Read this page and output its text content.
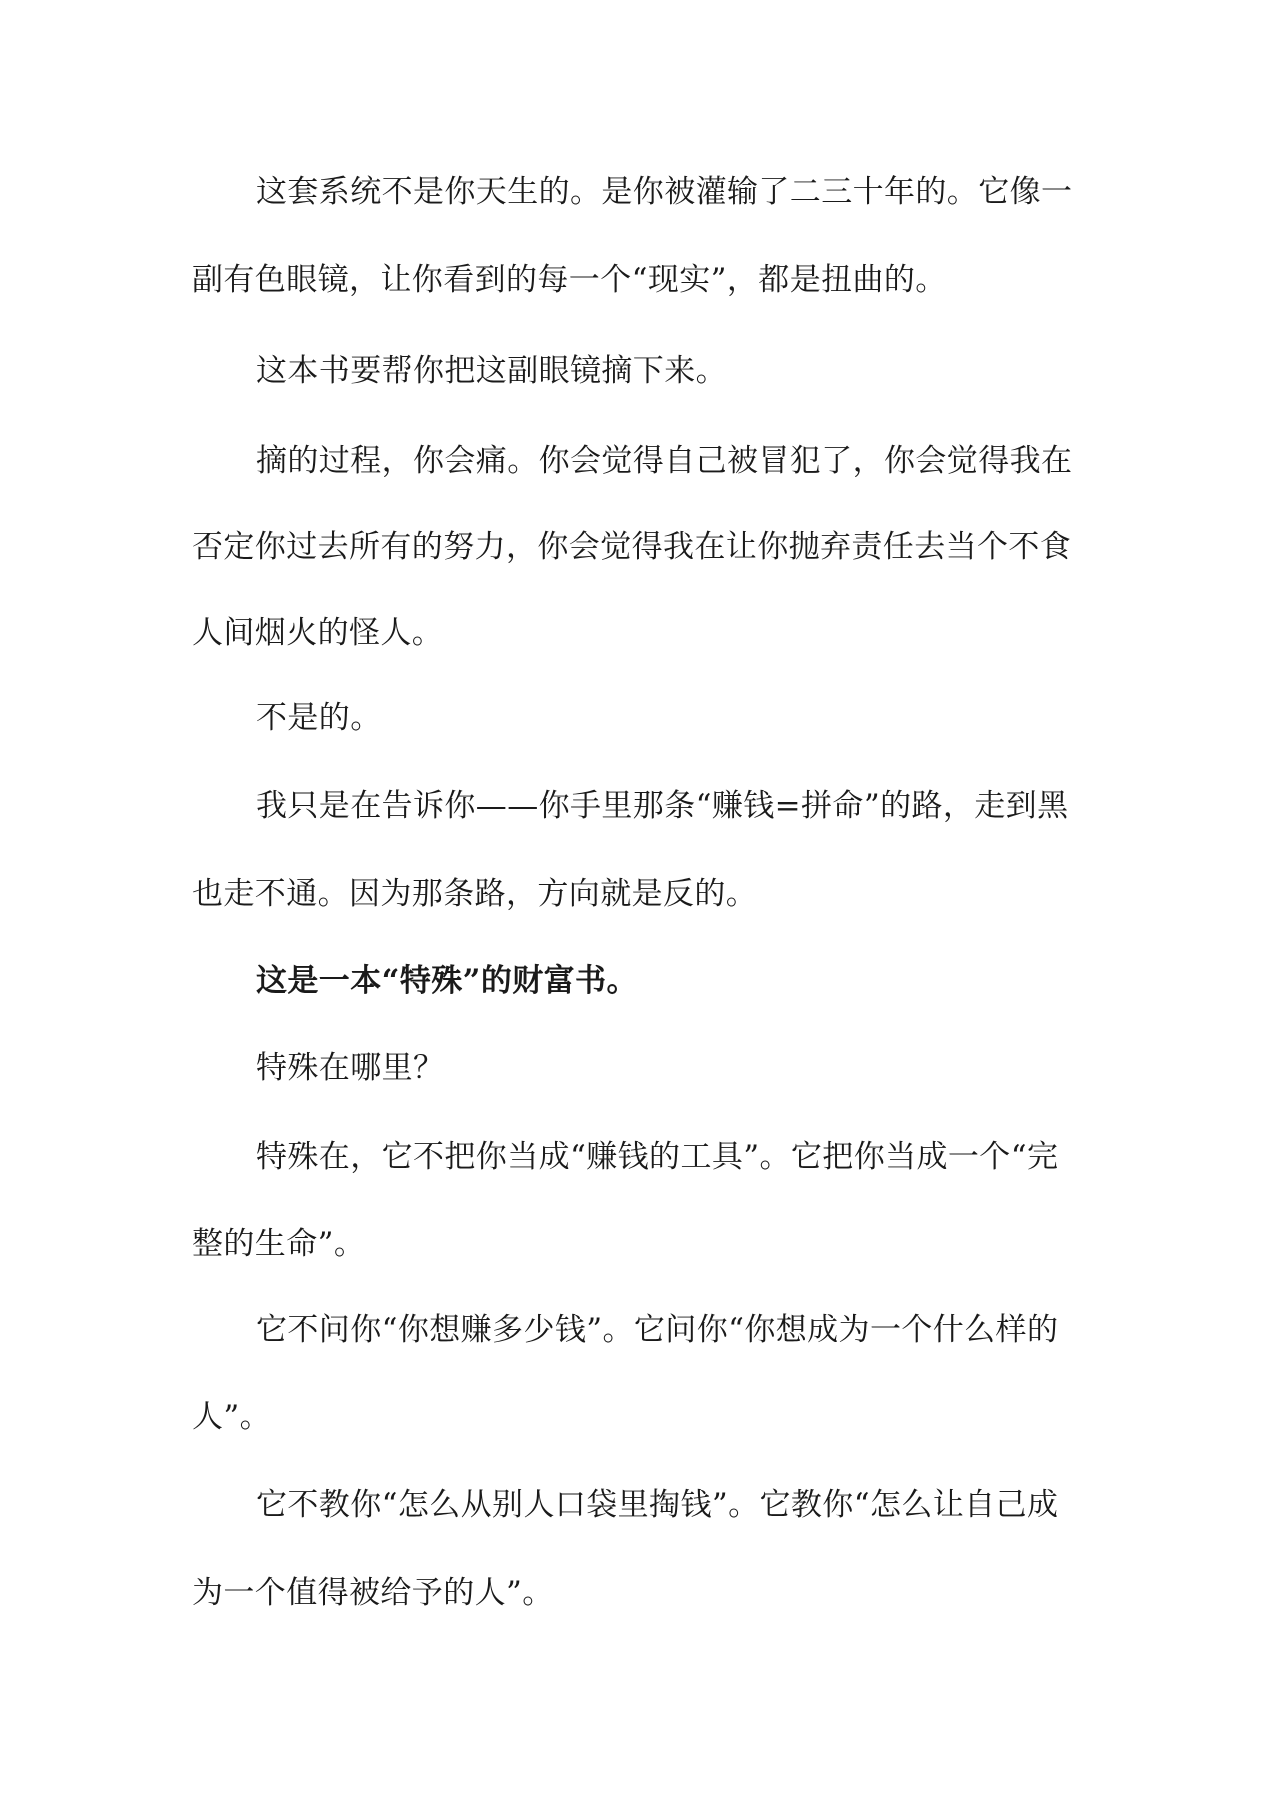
这套系统不是你天生的。是你被灌输了二三十年的。它像一
副有色眼镜，让你看到的每一个“现实”，都是扭曲的。
这本书要帮你把这副眼镜摘下来。
摘的过程，你会痛。你会觉得自己被冒犯了，你会觉得我在
否定你过去所有的努力，你会觉得我在让你抛弃责任去当个不食
人间烟火的怪人。
不是的。
我只是在告诉你——你手里那条“赚钱=拼命”的路，走到黑
也走不通。因为那条路，方向就是反的。
这是一本“特殊”的财富书。
特殊在哪里？
特殊在，它不把你当成“赚钱的工具”。它把你当成一个“完
整的生命”。
它不问你“你想赚多少钱”。它问你“你想成为一个什么样的
人”。
它不教你“怎么从别人口袋里掏钱”。它教你“怎么让自己成
为一个值得被给予的人”。
